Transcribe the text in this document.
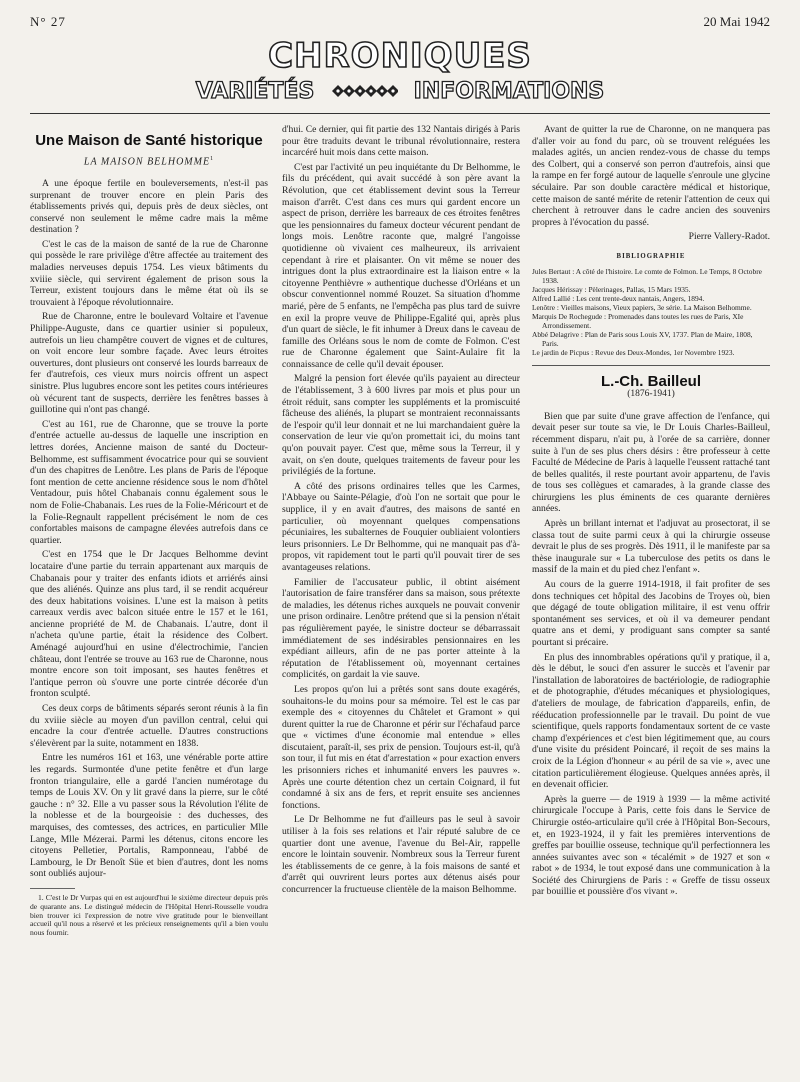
N° 27	20 Mai 1942
CHRONIQUES
VARIÉTÉS	INFORMATIONS
Une Maison de Santé historique
LA MAISON BELHOMME$^1$

A une époque fertile en bouleversements, n'est-il pas surprenant de trouver encore en plein Paris des établissements privés qui, depuis près de deux siècles, ont conservé non seulement le même cadre mais la même destination ?

C'est le cas de la maison de santé de la rue de Charonne qui possède le rare privilège d'être affectée au traitement des maladies nerveuses depuis 1754. Les vieux bâtiments du xviiie siècle, qui servirent également de prison sous la Terreur, existent toujours dans le même état où ils se trouvaient à l'époque révolutionnaire.

Rue de Charonne, entre le boulevard Voltaire et l'avenue Philippe-Auguste, dans ce quartier usinier si populeux, autrefois un lieu champêtre couvert de vignes et de cultures, on voit encore leur sombre façade. Avec leurs étroites ouvertures, dont plusieurs ont conservé les lourds barreaux de fer d'autrefois, ces vieux murs noircis offrent un aspect sinistre. Plus lugubres encore sont les petites cours intérieures où vécurent tant de suspects, derrière les fenêtres basses à guillotine qui n'ont pas changé.

C'est au 161, rue de Charonne, que se trouve la porte d'entrée actuelle au-dessus de laquelle une inscription en lettres dorées, Ancienne maison de santé du Docteur-Belhomme, est suffisamment évocatrice pour qui se souvient d'un des chapitres de Lenôtre. Les plans de Paris de l'époque font mention de cette ancienne résidence sous le nom d'hôtel Ventadour, puis hôtel Chabanais connu également sous le nom de Folie-Chabanais. Les rues de la Folie-Méricourt et de la Folie-Regnault rappellent précisément le nom de ces confortables maisons de campagne élevées autrefois dans ce quartier.

C'est en 1754 que le Dr Jacques Belhomme devint locataire d'une partie du terrain appartenant aux marquis de Chabanais pour y traiter des enfants idiots et arriérés ainsi que des aliénés. Quinze ans plus tard, il se rendit acquéreur des deux habitations voisines. L'une est la maison à petits carreaux verdis avec balcon située entre le 157 et le 161, ancienne propriété de M. de Chabanais. L'autre, dont il n'acheta qu'une partie, était la résidence des Colbert. Aménagé aujourd'hui en usine d'électrochimie, l'ancien château, dont l'entrée se trouve au 163 rue de Charonne, nous montre encore son toit imposant, ses hautes fenêtres et l'antique perron où s'ouvre une porte cintrée décorée d'un fronton sculpté.

Ces deux corps de bâtiments séparés seront réunis à la fin du xviiie siècle au moyen d'un pavillon central, celui qui encadre la cour d'entrée actuelle. D'autres constructions s'élevèrent par la suite, notamment en 1838.

Entre les numéros 161 et 163, une vénérable porte attire les regards. Surmontée d'une petite fenêtre et d'un large fronton triangulaire, elle a gardé l'ancien numérotage du temps de Louis XV. On y lit gravé dans la pierre, sur le côté gauche : n° 32. Elle a vu passer sous la Révolution l'élite de la noblesse et de la bourgeoisie : des duchesses, des marquises, des comtesses, des actrices, en particulier Mlle Lange, Mlle Mézerai. Parmi les détenus, citons encore les citoyens Pelletier, Portalis, Ramponneau, l'abbé de Lambourg, le Dr Benoît Süe et bien d'autres, dont les noms sont oubliés aujour-

1. C'est le Dr Vurpas qui en est aujourd'hui le sixième directeur depuis près de quarante ans. Le distingué médecin de l'Hôpital Henri-Rousselle voudra bien trouver ici l'expression de notre vive gratitude pour le bienveillant accueil qu'il nous a réservé et les précieux renseignements qu'il a bien voulu nous fournir.

d'hui. Ce dernier, qui fit partie des 132 Nantais dirigés à Paris pour être traduits devant le tribunal révolutionnaire, restera incarcéré huit mois dans cette maison.

C'est par l'activité un peu inquiétante du Dr Belhomme, le fils du précédent, qui avait succédé à son père avant la Révolution, que cet établissement devint sous la Terreur maison d'arrêt. C'est dans ces murs qui gardent encore un aspect de prison, derrière les barreaux de ces étroites fenêtres que les pensionnaires du fameux docteur vécurent pendant de longs mois. Lenôtre raconte que, malgré l'angoisse quotidienne où vivaient ces malheureux, ils arrivaient cependant à rire et plaisanter. On vit même se nouer des intrigues dont la plus extraordinaire est la liaison entre « la citoyenne Penthièvre » authentique duchesse d'Orléans et un obscur conventionnel nommé Rouzet. Sa situation d'homme marié, père de 5 enfants, ne l'empêcha pas plus tard de suivre en exil la propre veuve de Philippe-Egalité qui, après plus d'un quart de siècle, le fit inhumer à Dreux dans le caveau de famille des Orléans sous le nom de comte de Folmon. C'est rue de Charonne également que Saint-Aulaire fit la connaissance de celle qu'il devait épouser.

Malgré la pension fort élevée qu'ils payaient au directeur de l'établissement, 3 à 600 livres par mois et plus pour un étroit réduit, sans compter les suppléments et la promiscuité fâcheuse des aliénés, la plupart se montraient reconnaissants de l'espoir qu'il leur donnait et ne lui marchandaient guère la conservation de leur vie qu'on promettait ici, du moins tant qu'on pouvait payer. C'est que, même sous la Terreur, il y avait, on s'en doute, quelques traitements de faveur pour les privilégiés de la fortune.

A côté des prisons ordinaires telles que les Carmes, l'Abbaye ou Sainte-Pélagie, d'où l'on ne sortait que pour le supplice, il y en avait d'autres, des maisons de santé en particulier, où moyennant quelques compensations pécuniaires, les subalternes de Fouquier oubliaient volontiers leurs prisonniers. Le Dr Belhomme, qui ne manquait pas d'à-propos, vit rapidement tout le parti qu'il pouvait tirer de ses avantageuses relations.

Familier de l'accusateur public, il obtint aisément l'autorisation de faire transférer dans sa maison, sous prétexte de maladies, les détenus riches auxquels ne pouvait convenir une prison ordinaire. Lenôtre prétend que si la pension n'était pas régulièrement payée, le sinistre docteur se débarrassait immédiatement de ses indésirables pensionnaires en les expédiant ailleurs, afin de ne pas porter atteinte à la réputation de l'établissement où, moyennant certaines complicités, on gardait la vie sauve.

Les propos qu'on lui a prêtés sont sans doute exagérés, souhaitons-le du moins pour sa mémoire. Tel est le cas par exemple des « citoyennes du Châtelet et Gramont » qui durent quitter la rue de Charonne et périr sur l'échafaud parce que « victimes d'une économie mal entendue » elles discutaient, paraît-il, ses prix de pension. Toujours est-il, qu'à son tour, il fut mis en état d'arrestation « pour exaction envers les prisonniers riches et inhumanité envers les pauvres ». Après une courte détention chez un certain Coignard, il fut condamné à six ans de fers, et reprit ensuite ses anciennes fonctions.

Le Dr Belhomme ne fut d'ailleurs pas le seul à savoir utiliser à la fois ses relations et l'air réputé salubre de ce quartier dont une avenue, l'avenue du Bel-Air, rappelle encore le lointain souvenir. Nombreux sous la Terreur furent les établissements de ce genre, à la fois maisons de santé et d'arrêt qui ouvrirent leurs portes aux détenus aisés pour concurrencer la fructueuse clientèle de la maison Belhomme.

Avant de quitter la rue de Charonne, on ne manquera pas d'aller voir au fond du parc, où se trouvent reléguées les malades agités, un ancien rendez-vous de chasse du temps des Colbert, qui a conservé son perron d'autrefois, ainsi que la rampe en fer forgé autour de laquelle s'enroule une glycine séculaire. Par son double caractère médical et historique, cette maison de santé mérite de retenir l'attention de ceux qui cherchent à retrouver dans le cadre ancien des souvenirs propres à l'évocation du passé.

Pierre Vallery-Radot.
BIBLIOGRAPHIE

Jules Bertaut : A côté de l'histoire. Le comte de Folmon. Le Temps, 8 Octobre 1938.

Jacques Hérissay : Pèlerinages, Pallas, 15 Mars 1935.

Alfred Lallié : Les cent trente-deux nantais, Angers, 1894.

Lenôtre : Vieilles maisons, Vieux papiers, 3e série. La Maison Belhomme.

Marquis De Rochegude : Promenades dans toutes les rues de Paris, XIe Arrondissement.

Abbé Delagrive : Plan de Paris sous Louis XV, 1737. Plan de Maire, 1808, Paris.

Le jardin de Picpus : Revue des Deux-Mondes, 1er Novembre 1923.

L.-Ch. Bailleul
(1876-1941)

Bien que par suite d'une grave affection de l'enfance, qui devait peser sur toute sa vie, le Dr Louis Charles-Bailleul, récemment disparu, n'ait pu, à l'orée de sa carrière, donner suite à l'un de ses plus chers désirs : être professeur à cette Faculté de Médecine de Paris à laquelle l'eussent rattaché tant de belles qualités, il reste pourtant avoir appartenu, de l'avis de tous ses collègues et camarades, à la grande classe des chirurgiens les plus éminents de ces quarante dernières années.

Après un brillant internat et l'adjuvat au prosectorat, il se classa tout de suite parmi ceux à qui la chirurgie osseuse devrait le plus de ses progrès. Dès 1911, il le manifeste par sa thèse inaugurale sur « La tuberculose des petits os dans le massif de la main et du pied chez l'enfant ».

Au cours de la guerre 1914-1918, il fait profiter de ses dons techniques cet hôpital des Jacobins de Troyes où, bien que dégagé de toute obligation militaire, il est venu offrir spontanément ses services, et où il va demeurer pendant quatre ans et demi, y prodiguant sans compter sa santé pourtant si précaire.

En plus des innombrables opérations qu'il y pratique, il a, dès le début, le souci d'en assurer le succès et l'avenir par l'installation de laboratoires de bactériologie, de radiographie et de photographie, d'études mécaniques et physiologiques, d'ateliers de moulage, de fabrication d'appareils, enfin, de rééducation professionnelle par le travail. Du point de vue scientifique, quels rapports fondamentaux sortent de ce vaste champ d'expériences et c'est bien légitimement que, au cours d'une visite du président Poincaré, il reçoit de ses mains la croix de la Légion d'honneur « au péril de sa vie », avec une citation particulièrement élogieuse. Quelques années après, il en devenait officier.

Après la guerre — de 1919 à 1939 — la même activité chirurgicale l'occupe à Paris, cette fois dans le Service de Chirurgie ostéo-articulaire qu'il crée à l'Hôpital Bon-Secours, et, en 1923-1924, il y fait les premières interventions de greffes par bouillie osseuse, technique qu'il perfectionnera les années suivantes avec son « técalémit » de 1927 et son « rabot » de 1934, le tout exposé dans une communication à la Société des Chirurgiens de Paris : « Greffe de tissu osseux par bouillie et poussière d'os vivant ».
